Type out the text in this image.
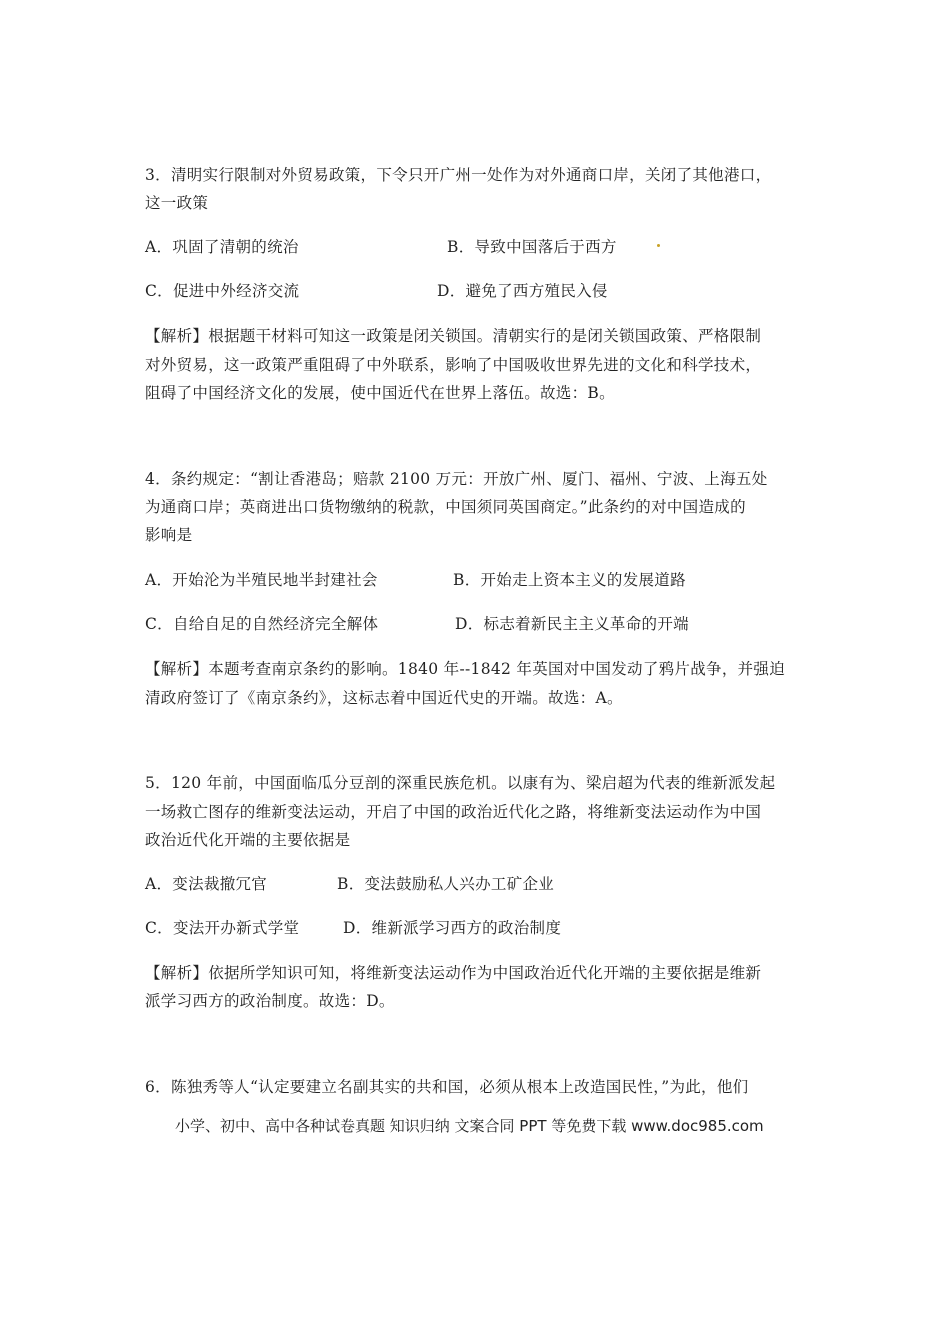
3．清明实行限制对外贸易政策，下令只开广州一处作为对外通商口岸，关闭了其他港口，
这一政策
A．巩固了清朝的统治	B．导致中国落后于西方
C．促进中外经济交流	D．避免了西方殖民入侵
【解析】根据题干材料可知这一政策是闭关锁国。清朝实行的是闭关锁国政策、严格限制
对外贸易，这一政策严重阻碍了中外联系，影响了中国吸收世界先进的文化和科学技术，
阻碍了中国经济文化的发展，使中国近代在世界上落伍。故选：B。
4．条约规定：“割让香港岛；赔款 2100 万元：开放广州、厦门、福州、宁波、上海五处
为通商口岸；英商进出口货物缴纳的税款，中国须同英国商定。”此条约的对中国造成的
影响是
A．开始沦为半殖民地半封建社会	B．开始走上资本主义的发展道路
C．自给自足的自然经济完全解体	D．标志着新民主主义革命的开端
【解析】本题考查南京条约的影响。1840 年--1842 年英国对中国发动了鸦片战争，并强迫
清政府签订了《南京条约》，这标志着中国近代史的开端。故选：A。
5．120 年前，中国面临瓜分豆剖的深重民族危机。以康有为、梁启超为代表的维新派发起
一场救亡图存的维新变法运动，开启了中国的政治近代化之路，将维新变法运动作为中国
政治近代化开端的主要依据是
A．变法裁撤冗官	B．变法鼓励私人兴办工矿企业
C．变法开办新式学堂	D．维新派学习西方的政治制度
【解析】依据所学知识可知，将维新变法运动作为中国政治近代化开端的主要依据是维新
派学习西方的政治制度。故选：D。
6．陈独秀等人“认定要建立名副其实的共和国，必须从根本上改造国民性，”为此，他们
小学、初中、高中各种试卷真题 知识归纳 文案合同 PPT 等免费下载 www.doc985.com
